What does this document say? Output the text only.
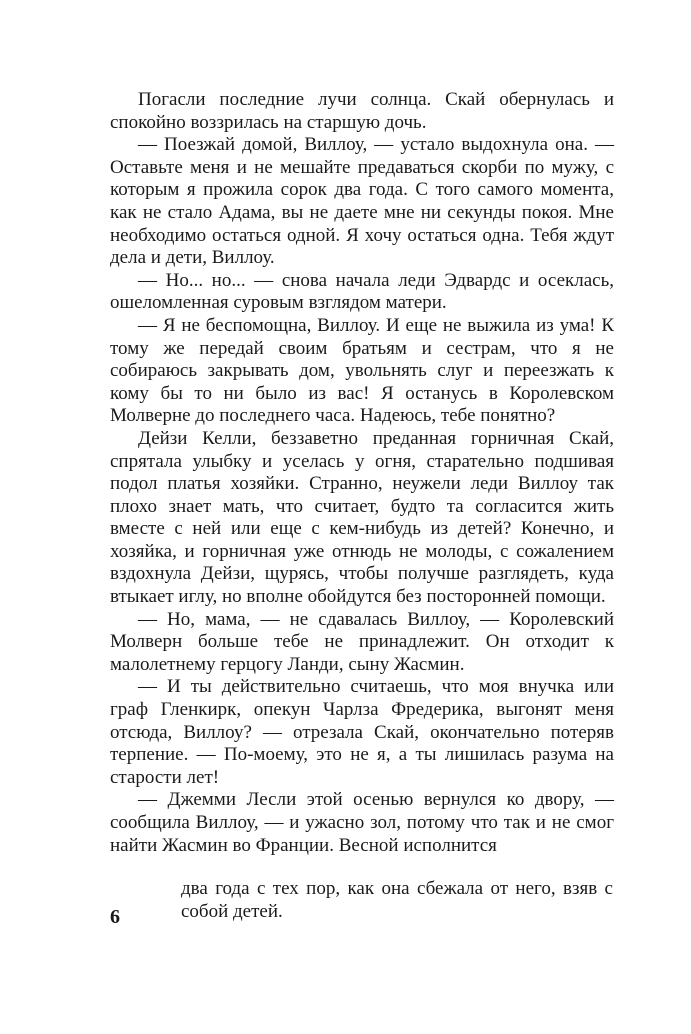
Погасли последние лучи солнца. Скай обернулась и спокойно воззрилась на старшую дочь.

— Поезжай домой, Виллоу, — устало выдохнула она. — Оставьте меня и не мешайте предаваться скорби по мужу, с которым я прожила сорок два года. С того самого момента, как не стало Адама, вы не даете мне ни секунды покоя. Мне необходимо остаться одной. Я хочу остаться одна. Тебя ждут дела и дети, Виллоу.

— Но... но... — снова начала леди Эдвардс и осеклась, ошеломленная суровым взглядом матери.

— Я не беспомощна, Виллоу. И еще не выжила из ума! К тому же передай своим братьям и сестрам, что я не собираюсь закрывать дом, увольнять слуг и переезжать к кому бы то ни было из вас! Я останусь в Королевском Молверне до последнего часа. Надеюсь, тебе понятно?

Дейзи Келли, беззаветно преданная горничная Скай, спрятала улыбку и уселась у огня, старательно подшивая подол платья хозяйки. Странно, неужели леди Виллоу так плохо знает мать, что считает, будто та согласится жить вместе с ней или еще с кем-нибудь из детей? Конечно, и хозяйка, и горничная уже отнюдь не молоды, с сожалением вздохнула Дейзи, щурясь, чтобы получше разглядеть, куда втыкает иглу, но вполне обойдутся без посторонней помощи.

— Но, мама, — не сдавалась Виллоу, — Королевский Молверн больше тебе не принадлежит. Он отходит к малолетнему герцогу Ланди, сыну Жасмин.

— И ты действительно считаешь, что моя внучка или граф Гленкирк, опекун Чарлза Фредерика, выгонят меня отсюда, Виллоу? — отрезала Скай, окончательно потеряв терпение. — По-моему, это не я, а ты лишилась разума на старости лет!

— Джемми Лесли этой осенью вернулся ко двору, — сообщила Виллоу, — и ужасно зол, потому что так и не смог найти Жасмин во Франции. Весной исполнится

два года с тех пор, как она сбежала от него, взяв с собой детей.

6
